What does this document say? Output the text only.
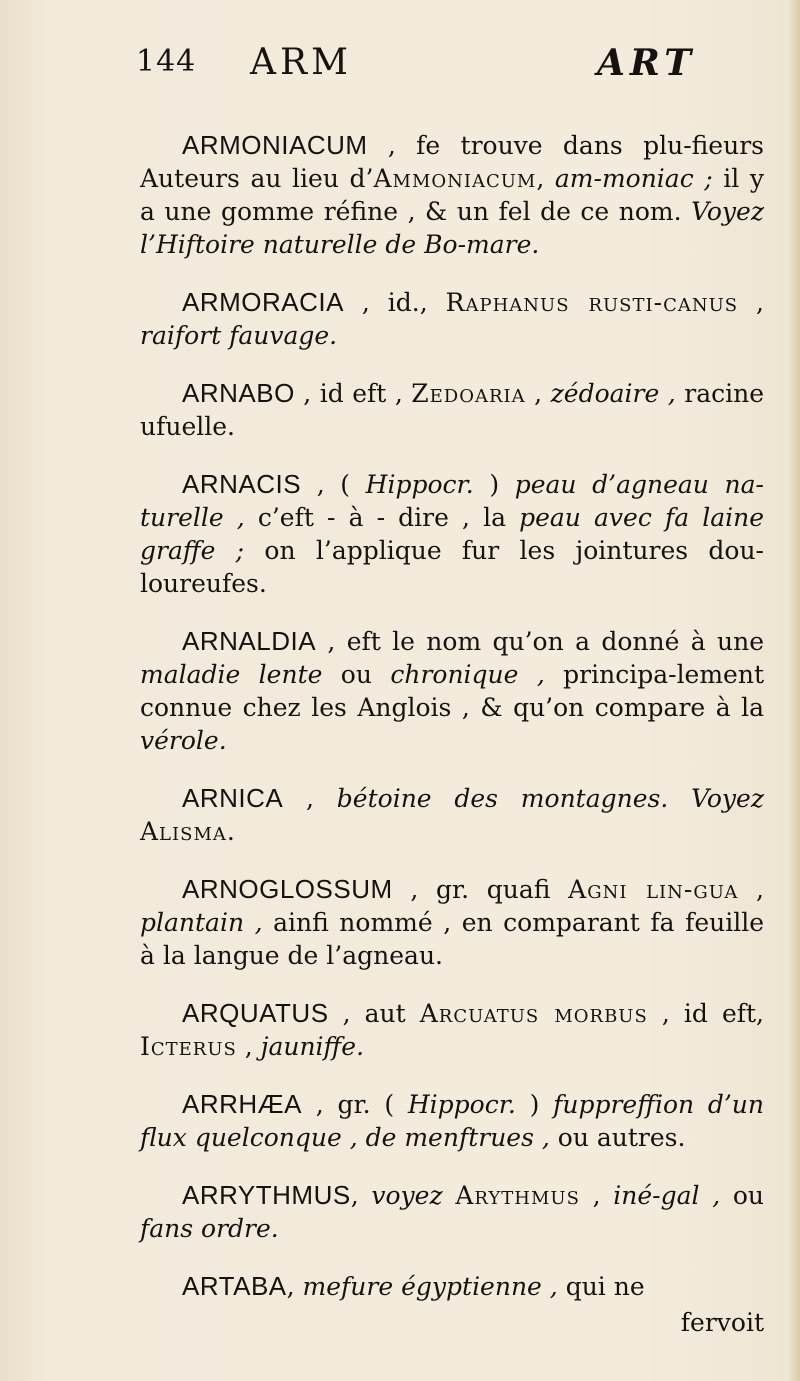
144 ARM	ART

ARMONIACUM , fe trouve dans plu-fieurs Auteurs au lieu d’Ammoniacum, am-moniac ; il y a une gomme réfine , & un fel de ce nom. Voyez l’Hiftoire naturelle de Bo-mare.

ARMORACIA , id., Raphanus rusti-canus , raifort fauvage.

ARNABO , id eft , Zedoaria , zédoaire , racine ufuelle.

ARNACIS , ( Hippocr. ) peau d’agneau na-turelle , c’eft - à - dire , la peau avec fa laine graffe ; on l’applique fur les jointures dou-loureufes.

ARNALDIA , eft le nom qu’on a donné à une maladie lente ou chronique , principa-lement connue chez les Anglois , & qu’on compare à la vérole.

ARNICA , bétoine des montagnes. Voyez Alisma.

ARNOGLOSSUM , gr. quafi Agni lin-gua , plantain , ainfi nommé , en comparant fa feuille à la langue de l’agneau.

ARQUATUS , aut Arcuatus morbus , id eft, Icterus , jauniffe.

ARRHÆA , gr. ( Hippocr. ) fuppreffion d’un flux quelconque , de menftrues , ou autres.

ARRYTHMUS, voyez Arythmus , iné-gal , ou fans ordre.

ARTABA, mefure égyptienne , qui ne

fervoit
